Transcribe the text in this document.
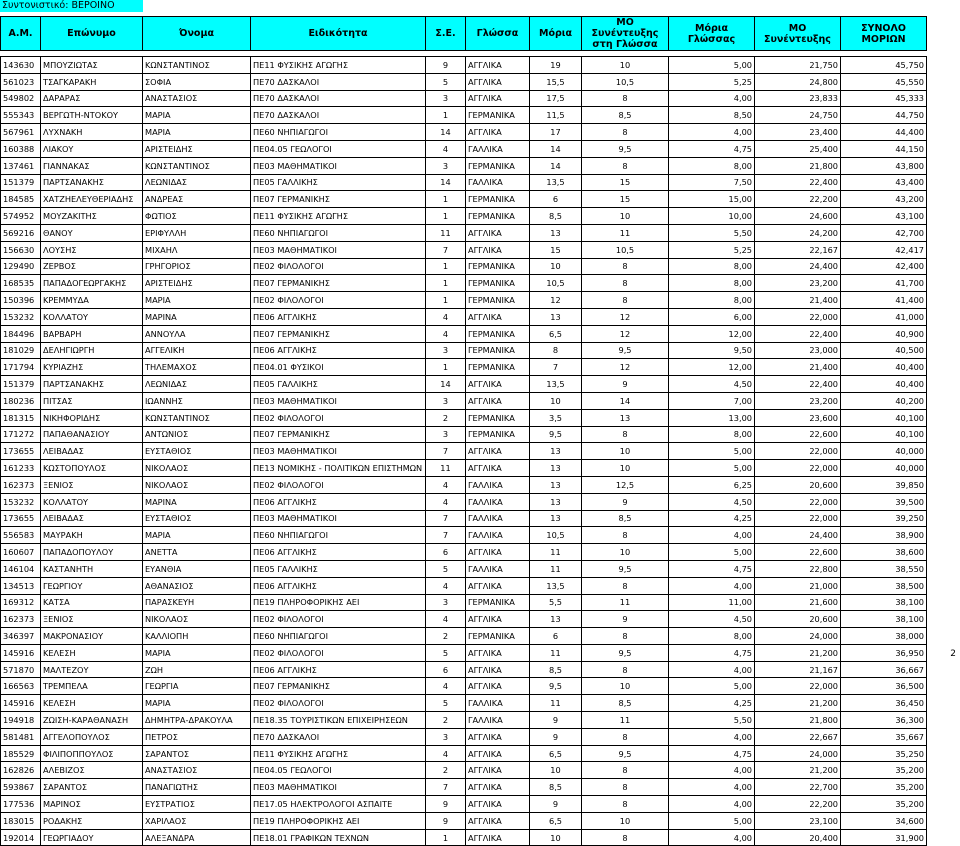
Συντονιστικό: ΒΕΡΟΙΝΟ
Α.Μ.	Επώνυμο	Όνομα	Ειδικότητα	Σ.Ε.	Γλώσσα	Μόρια	ΜΟ Συνέντευξης στη Γλώσσα	Μόρια Γλώσσας	ΜΟ Συνέντευξης	ΣΥΝΟΛΟ ΜΟΡΙΩΝ

143630	ΜΠΟΥΖΙΩΤΑΣ	ΚΩΝΣΤΑΝΤΙΝΟΣ	ΠΕ11 ΦΥΣΙΚΗΣ ΑΓΩΓΗΣ	9	ΑΓΓΛΙΚΑ	19	10	5,00	21,750	45,750
561023	ΤΣΑΓΚΑΡΑΚΗ	ΣΟΦΙΑ	ΠΕ70 ΔΑΣΚΑΛΟΙ	5	ΑΓΓΛΙΚΑ	15,5	10,5	5,25	24,800	45,550
549802	ΔΑΡΑΡΑΣ	ΑΝΑΣΤΑΣΙΟΣ	ΠΕ70 ΔΑΣΚΑΛΟΙ	3	ΑΓΓΛΙΚΑ	17,5	8	4,00	23,833	45,333
555343	ΒΕΡΓΩΤΗ-ΝΤΟΚΟΥ	ΜΑΡΙΑ	ΠΕ70 ΔΑΣΚΑΛΟΙ	1	ΓΕΡΜΑΝΙΚΑ	11,5	8,5	8,50	24,750	44,750
567961	ΛΥΧΝΑΚΗ	ΜΑΡΙΑ	ΠΕ60 ΝΗΠΙΑΓΩΓΟΙ	14	ΑΓΓΛΙΚΑ	17	8	4,00	23,400	44,400
160388	ΛΙΑΚΟΥ	ΑΡΙΣΤΕΙΔΗΣ	ΠΕ04.05 ΓΕΩΛΟΓΟΙ	4	ΓΑΛΛΙΚΑ	14	9,5	4,75	25,400	44,150
137461	ΓΙΑΝΝΑΚΑΣ	ΚΩΝΣΤΑΝΤΙΝΟΣ	ΠΕ03 ΜΑΘΗΜΑΤΙΚΟΙ	3	ΓΕΡΜΑΝΙΚΑ	14	8	8,00	21,800	43,800
151379	ΠΑΡΤΣΑΝΑΚΗΣ	ΛΕΩΝΙΔΑΣ	ΠΕ05 ΓΑΛΛΙΚΗΣ	14	ΓΑΛΛΙΚΑ	13,5	15	7,50	22,400	43,400
184585	ΧΑΤΖΗΕΛΕΥΘΕΡΙΑΔΗΣ	ΑΝΔΡΕΑΣ	ΠΕ07 ΓΕΡΜΑΝΙΚΗΣ	1	ΓΕΡΜΑΝΙΚΑ	6	15	15,00	22,200	43,200
574952	ΜΟΥΖΑΚΙΤΗΣ	ΦΩΤΙΟΣ	ΠΕ11 ΦΥΣΙΚΗΣ ΑΓΩΓΗΣ	1	ΓΕΡΜΑΝΙΚΑ	8,5	10	10,00	24,600	43,100
569216	ΘΑΝΟΥ	ΕΡΙΦΥΛΛΗ	ΠΕ60 ΝΗΠΙΑΓΩΓΟΙ	11	ΑΓΓΛΙΚΑ	13	11	5,50	24,200	42,700
156630	ΛΟΥΣΗΣ	ΜΙΧΑΗΛ	ΠΕ03 ΜΑΘΗΜΑΤΙΚΟΙ	7	ΑΓΓΛΙΚΑ	15	10,5	5,25	22,167	42,417
129490	ΖΕΡΒΟΣ	ΓΡΗΓΟΡΙΟΣ	ΠΕ02 ΦΙΛΟΛΟΓΟΙ	1	ΓΕΡΜΑΝΙΚΑ	10	8	8,00	24,400	42,400
168535	ΠΑΠΑΔΟΓΕΩΡΓΑΚΗΣ	ΑΡΙΣΤΕΙΔΗΣ	ΠΕ07 ΓΕΡΜΑΝΙΚΗΣ	1	ΓΕΡΜΑΝΙΚΑ	10,5	8	8,00	23,200	41,700
150396	ΚΡΕΜΜΥΔΑ	ΜΑΡΙΑ	ΠΕ02 ΦΙΛΟΛΟΓΟΙ	1	ΓΕΡΜΑΝΙΚΑ	12	8	8,00	21,400	41,400
153232	ΚΟΛΛΑΤΟΥ	ΜΑΡΙΝΑ	ΠΕ06 ΑΓΓΛΙΚΗΣ	4	ΑΓΓΛΙΚΑ	13	12	6,00	22,000	41,000
184496	ΒΑΡΒΑΡΗ	ΑΝΝΟΥΛΑ	ΠΕ07 ΓΕΡΜΑΝΙΚΗΣ	4	ΓΕΡΜΑΝΙΚΑ	6,5	12	12,00	22,400	40,900
181029	ΔΕΛΗΓΙΩΡΓΗ	ΑΓΓΕΛΙΚΗ	ΠΕ06 ΑΓΓΛΙΚΗΣ	3	ΓΕΡΜΑΝΙΚΑ	8	9,5	9,50	23,000	40,500
171794	ΚΥΡΙΑΖΗΣ	ΤΗΛΕΜΑΧΟΣ	ΠΕ04.01 ΦΥΣΙΚΟΙ	1	ΓΕΡΜΑΝΙΚΑ	7	12	12,00	21,400	40,400
151379	ΠΑΡΤΣΑΝΑΚΗΣ	ΛΕΩΝΙΔΑΣ	ΠΕ05 ΓΑΛΛΙΚΗΣ	14	ΑΓΓΛΙΚΑ	13,5	9	4,50	22,400	40,400
180236	ΠΙΤΣΑΣ	ΙΩΑΝΝΗΣ	ΠΕ03 ΜΑΘΗΜΑΤΙΚΟΙ	3	ΑΓΓΛΙΚΑ	10	14	7,00	23,200	40,200
181315	ΝΙΚΗΦΟΡΙΔΗΣ	ΚΩΝΣΤΑΝΤΙΝΟΣ	ΠΕ02 ΦΙΛΟΛΟΓΟΙ	2	ΓΕΡΜΑΝΙΚΑ	3,5	13	13,00	23,600	40,100
171272	ΠΑΠΑΘΑΝΑΣΙΟΥ	ΑΝΤΩΝΙΟΣ	ΠΕ07 ΓΕΡΜΑΝΙΚΗΣ	3	ΓΕΡΜΑΝΙΚΑ	9,5	8	8,00	22,600	40,100
173655	ΛΕΙΒΑΔΑΣ	ΕΥΣΤΑΘΙΟΣ	ΠΕ03 ΜΑΘΗΜΑΤΙΚΟΙ	7	ΑΓΓΛΙΚΑ	13	10	5,00	22,000	40,000
161233	ΚΩΣΤΟΠΟΥΛΟΣ	ΝΙΚΟΛΑΟΣ	ΠΕ13 ΝΟΜΙΚΗΣ - ΠΟΛΙΤΙΚΩΝ ΕΠΙΣΤΗΜΩΝ	11	ΑΓΓΛΙΚΑ	13	10	5,00	22,000	40,000
162373	ΞΕΝΙΟΣ	ΝΙΚΟΛΑΟΣ	ΠΕ02 ΦΙΛΟΛΟΓΟΙ	4	ΓΑΛΛΙΚΑ	13	12,5	6,25	20,600	39,850
153232	ΚΟΛΛΑΤΟΥ	ΜΑΡΙΝΑ	ΠΕ06 ΑΓΓΛΙΚΗΣ	4	ΓΑΛΛΙΚΑ	13	9	4,50	22,000	39,500
173655	ΛΕΙΒΑΔΑΣ	ΕΥΣΤΑΘΙΟΣ	ΠΕ03 ΜΑΘΗΜΑΤΙΚΟΙ	7	ΓΑΛΛΙΚΑ	13	8,5	4,25	22,000	39,250
556583	ΜΑΥΡΑΚΗ	ΜΑΡΙΑ	ΠΕ60 ΝΗΠΙΑΓΩΓΟΙ	7	ΓΑΛΛΙΚΑ	10,5	8	4,00	24,400	38,900
160607	ΠΑΠΑΔΟΠΟΥΛΟΥ	ΑΝΕΤΤΑ	ΠΕ06 ΑΓΓΛΙΚΗΣ	6	ΑΓΓΛΙΚΑ	11	10	5,00	22,600	38,600
146104	ΚΑΣΤΑΝΗΤΗ	ΕΥΑΝΘΙΑ	ΠΕ05 ΓΑΛΛΙΚΗΣ	5	ΓΑΛΛΙΚΑ	11	9,5	4,75	22,800	38,550
134513	ΓΕΩΡΓΙΟΥ	ΑΘΑΝΑΣΙΟΣ	ΠΕ06 ΑΓΓΛΙΚΗΣ	4	ΑΓΓΛΙΚΑ	13,5	8	4,00	21,000	38,500
169312	ΚΑΤΣΑ	ΠΑΡΑΣΚΕΥΗ	ΠΕ19 ΠΛΗΡΟΦΟΡΙΚΗΣ ΑΕΙ	3	ΓΕΡΜΑΝΙΚΑ	5,5	11	11,00	21,600	38,100
162373	ΞΕΝΙΟΣ	ΝΙΚΟΛΑΟΣ	ΠΕ02 ΦΙΛΟΛΟΓΟΙ	4	ΑΓΓΛΙΚΑ	13	9	4,50	20,600	38,100
346397	ΜΑΚΡΟΝΑΣΙΟΥ	ΚΑΛΛΙΟΠΗ	ΠΕ60 ΝΗΠΙΑΓΩΓΟΙ	2	ΓΕΡΜΑΝΙΚΑ	6	8	8,00	24,000	38,000
145916	ΚΕΛΕΣΗ	ΜΑΡΙΑ	ΠΕ02 ΦΙΛΟΛΟΓΟΙ	5	ΑΓΓΛΙΚΑ	11	9,5	4,75	21,200	36,950
571870	ΜΑΛΤΕΖΟΥ	ΖΩΗ	ΠΕ06 ΑΓΓΛΙΚΗΣ	6	ΑΓΓΛΙΚΑ	8,5	8	4,00	21,167	36,667
166563	ΤΡΕΜΠΕΛΑ	ΓΕΩΡΓΙΑ	ΠΕ07 ΓΕΡΜΑΝΙΚΗΣ	4	ΑΓΓΛΙΚΑ	9,5	10	5,00	22,000	36,500
145916	ΚΕΛΕΣΗ	ΜΑΡΙΑ	ΠΕ02 ΦΙΛΟΛΟΓΟΙ	5	ΓΑΛΛΙΚΑ	11	8,5	4,25	21,200	36,450
194918	ΖΩΙΣΗ-ΚΑΡΑΘΑΝΑΣΗ	ΔΗΜΗΤΡΑ-ΔΡΑΚΟΥΛΑ	ΠΕ18.35 ΤΟΥΡΙΣΤΙΚΩΝ ΕΠΙΧΕΙΡΗΣΕΩΝ	2	ΓΑΛΛΙΚΑ	9	11	5,50	21,800	36,300
581481	ΑΓΓΕΛΟΠΟΥΛΟΣ	ΠΕΤΡΟΣ	ΠΕ70 ΔΑΣΚΑΛΟΙ	3	ΑΓΓΛΙΚΑ	9	8	4,00	22,667	35,667
185529	ΦΙΛΙΠΟΠΠΟΥΛΟΣ	ΣΑΡΑΝΤΟΣ	ΠΕ11 ΦΥΣΙΚΗΣ ΑΓΩΓΗΣ	4	ΑΓΓΛΙΚΑ	6,5	9,5	4,75	24,000	35,250
162826	ΑΛΕΒΙΖΟΣ	ΑΝΑΣΤΑΣΙΟΣ	ΠΕ04.05 ΓΕΩΛΟΓΟΙ	2	ΑΓΓΛΙΚΑ	10	8	4,00	21,200	35,200
593867	ΣΑΡΑΝΤΟΣ	ΠΑΝΑΓΙΩΤΗΣ	ΠΕ03 ΜΑΘΗΜΑΤΙΚΟΙ	7	ΑΓΓΛΙΚΑ	8,5	8	4,00	22,700	35,200
177536	ΜΑΡΙΝΟΣ	ΕΥΣΤΡΑΤΙΟΣ	ΠΕ17.05 ΗΛΕΚΤΡΟΛΟΓΟΙ ΑΣΠΑΙΤΕ	9	ΑΓΓΛΙΚΑ	9	8	4,00	22,200	35,200
183015	ΡΟΔΑΚΗΣ	ΧΑΡΙΛΑΟΣ	ΠΕ19 ΠΛΗΡΟΦΟΡΙΚΗΣ ΑΕΙ	9	ΑΓΓΛΙΚΑ	6,5	10	5,00	23,100	34,600
192014	ΓΕΩΡΓΙΑΔΟΥ	ΑΛΕΞΑΝΔΡΑ	ΠΕ18.01 ΓΡΑΦΙΚΩΝ ΤΕΧΝΩΝ	1	ΑΓΓΛΙΚΑ	10	8	4,00	20,400	31,900
2
